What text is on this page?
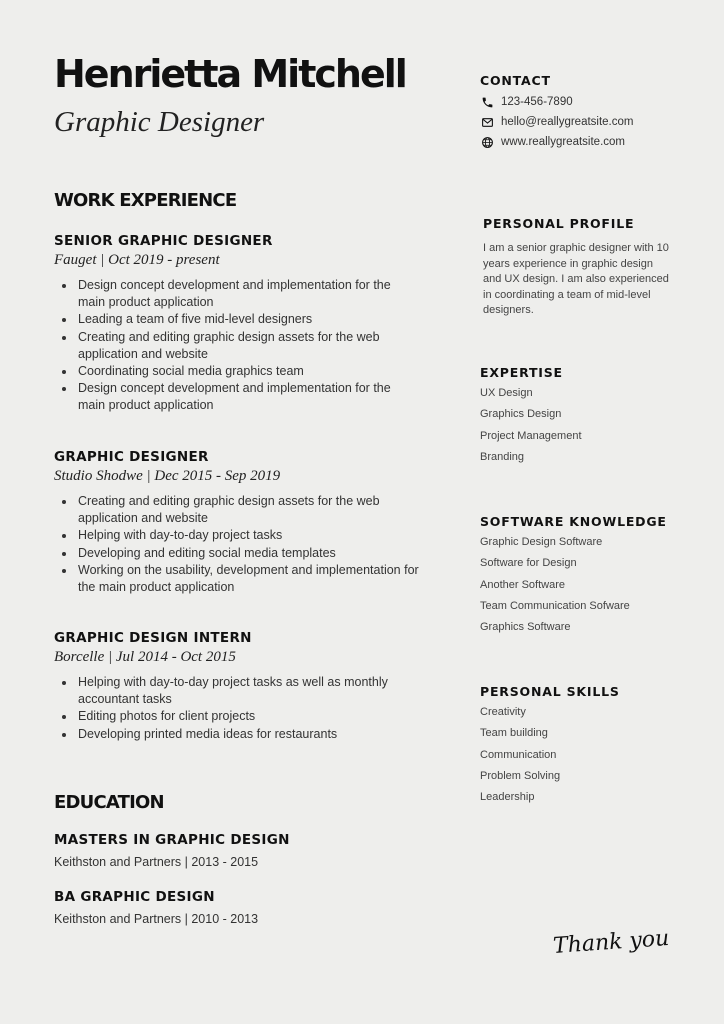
Henrietta Mitchell
Graphic Designer
WORK EXPERIENCE
SENIOR GRAPHIC DESIGNER
Fauget | Oct 2019 - present
• Design concept development and implementation for the main product application
• Leading a team of five mid-level designers
• Creating and editing graphic design assets for the web application and website
• Coordinating social media graphics team
• Design concept development and implementation for the main product application
GRAPHIC DESIGNER
Studio Shodwe | Dec 2015 - Sep 2019
• Creating and editing graphic design assets for the web application and website
• Helping with day-to-day project tasks
• Developing and editing social media templates
• Working on the usability, development and implementation for the main product application
GRAPHIC DESIGN INTERN
Borcelle | Jul 2014 - Oct 2015
• Helping with day-to-day project tasks as well as monthly accountant tasks
• Editing photos for client projects
• Developing printed media ideas for restaurants
EDUCATION
MASTERS IN GRAPHIC DESIGN
Keithston and Partners | 2013 - 2015
BA GRAPHIC DESIGN
Keithston and Partners | 2010 - 2013
CONTACT
123-456-7890
hello@reallygreatsite.com
www.reallygreatsite.com
PERSONAL PROFILE
I am a senior graphic designer with 10 years experience in graphic design and UX design. I am also experienced in coordinating a team of mid-level designers.
EXPERTISE
UX Design
Graphics Design
Project Management
Branding
SOFTWARE KNOWLEDGE
Graphic Design Software
Software for Design
Another Software
Team Communication Sofware
Graphics Software
PERSONAL SKILLS
Creativity
Team building
Communication
Problem Solving
Leadership
Thank you
